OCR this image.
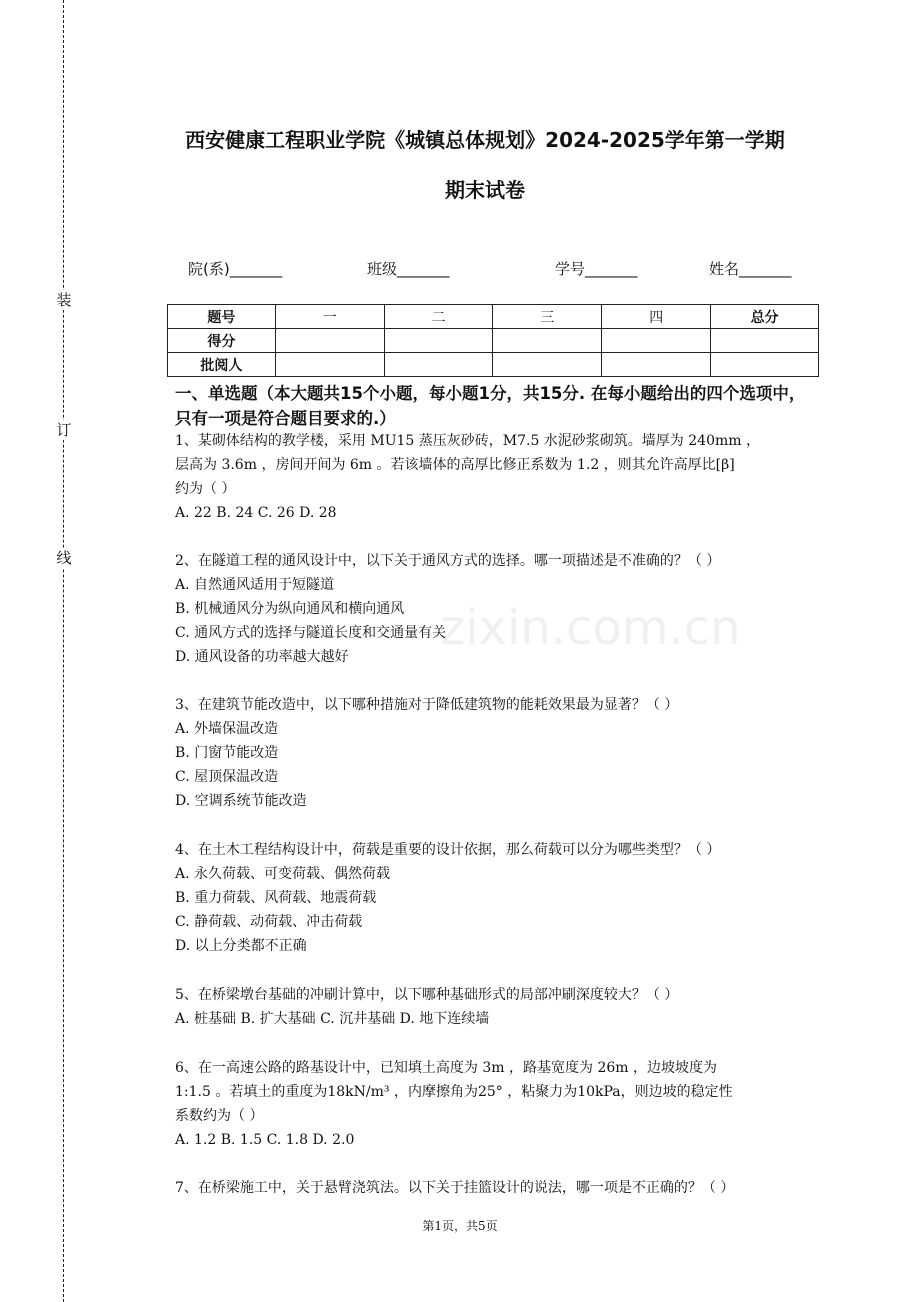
装
订
线
西安健康工程职业学院《城镇总体规划》2024-2025学年第一学期
期末试卷
院(系)_______	班级_______	学号_______	姓名_______
题号	一	二	三	四	总分
得分					
批阅人					
一、单选题（本大题共15个小题，每小题1分，共15分. 在每小题给出的四个选项中，只有一项是符合题目要求的.）

1、某砌体结构的教学楼，采用 MU15 蒸压灰砂砖，M7.5 水泥砂浆砌筑。墙厚为 240mm ，

层高为 3.6m ，房间开间为 6m 。若该墙体的高厚比修正系数为 1.2 ，则其允许高厚比[β]

约为（ ）

A. 22 B. 24 C. 26 D. 28

2、在隧道工程的通风设计中，以下关于通风方式的选择。哪一项描述是不准确的？（ ）

A. 自然通风适用于短隧道

B. 机械通风分为纵向通风和横向通风

C. 通风方式的选择与隧道长度和交通量有关

D. 通风设备的功率越大越好

3、在建筑节能改造中，以下哪种措施对于降低建筑物的能耗效果最为显著？（ ）

A. 外墙保温改造

B. 门窗节能改造

C. 屋顶保温改造

D. 空调系统节能改造

4、在土木工程结构设计中，荷载是重要的设计依据，那么荷载可以分为哪些类型？（ ）

A. 永久荷载、可变荷载、偶然荷载

B. 重力荷载、风荷载、地震荷载

C. 静荷载、动荷载、冲击荷载

D. 以上分类都不正确

5、在桥梁墩台基础的冲刷计算中，以下哪种基础形式的局部冲刷深度较大？（ ）

A. 桩基础 B. 扩大基础 C. 沉井基础 D. 地下连续墙

6、在一高速公路的路基设计中，已知填土高度为 3m ，路基宽度为 26m ，边坡坡度为

1:1.5 。若填土的重度为18kN/m³ ，内摩擦角为25° ，粘聚力为10kPa，则边坡的稳定性

系数约为（ ）

A. 1.2 B. 1.5 C. 1.8 D. 2.0

7、在桥梁施工中，关于悬臂浇筑法。以下关于挂篮设计的说法，哪一项是不正确的？（ ）

zixin.com.cn
第1页，共5页
